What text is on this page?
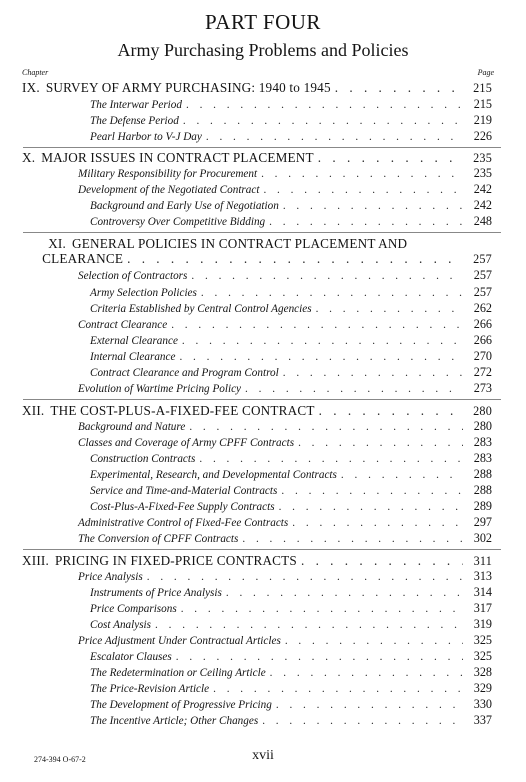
PART FOUR
Army Purchasing Problems and Policies
Chapter	Page
IX. SURVEY OF ARMY PURCHASING: 1940 to 1945 . . .	215
The Interwar Period . . .	215
The Defense Period . . .	219
Pearl Harbor to V-J Day . . .	226
X. MAJOR ISSUES IN CONTRACT PLACEMENT . . .	235
Military Responsibility for Procurement . . .	235
Development of the Negotiated Contract . . .	242
Background and Early Use of Negotiation . . .	242
Controversy Over Competitive Bidding . . .	248
XI. GENERAL POLICIES IN CONTRACT PLACEMENT AND
CLEARANCE . . .	257
Selection of Contractors . . .	257
Army Selection Policies . . .	257
Criteria Established by Central Control Agencies . . .	262
Contract Clearance . . .	266
External Clearance . . .	266
Internal Clearance . . .	270
Contract Clearance and Program Control . . .	272
Evolution of Wartime Pricing Policy . . .	273
XII. THE COST-PLUS-A-FIXED-FEE CONTRACT . . .	280
Background and Nature . . .	280
Classes and Coverage of Army CPFF Contracts . . .	283
Construction Contracts . . .	283
Experimental, Research, and Developmental Contracts . . .	288
Service and Time-and-Material Contracts . . .	288
Cost-Plus-A-Fixed-Fee Supply Contracts . . .	289
Administrative Control of Fixed-Fee Contracts . . .	297
The Conversion of CPFF Contracts . . .	302
XIII. PRICING IN FIXED-PRICE CONTRACTS . . .	311
Price Analysis . . .	313
Instruments of Price Analysis . . .	314
Price Comparisons . . .	317
Cost Analysis . . .	319
Price Adjustment Under Contractual Articles . . .	325
Escalator Clauses . . .	325
The Redetermination or Ceiling Article . . .	328
The Price-Revision Article . . .	329
The Development of Progressive Pricing . . .	330
The Incentive Article; Other Changes . . .	337
274-394 O-67-2	xvii
